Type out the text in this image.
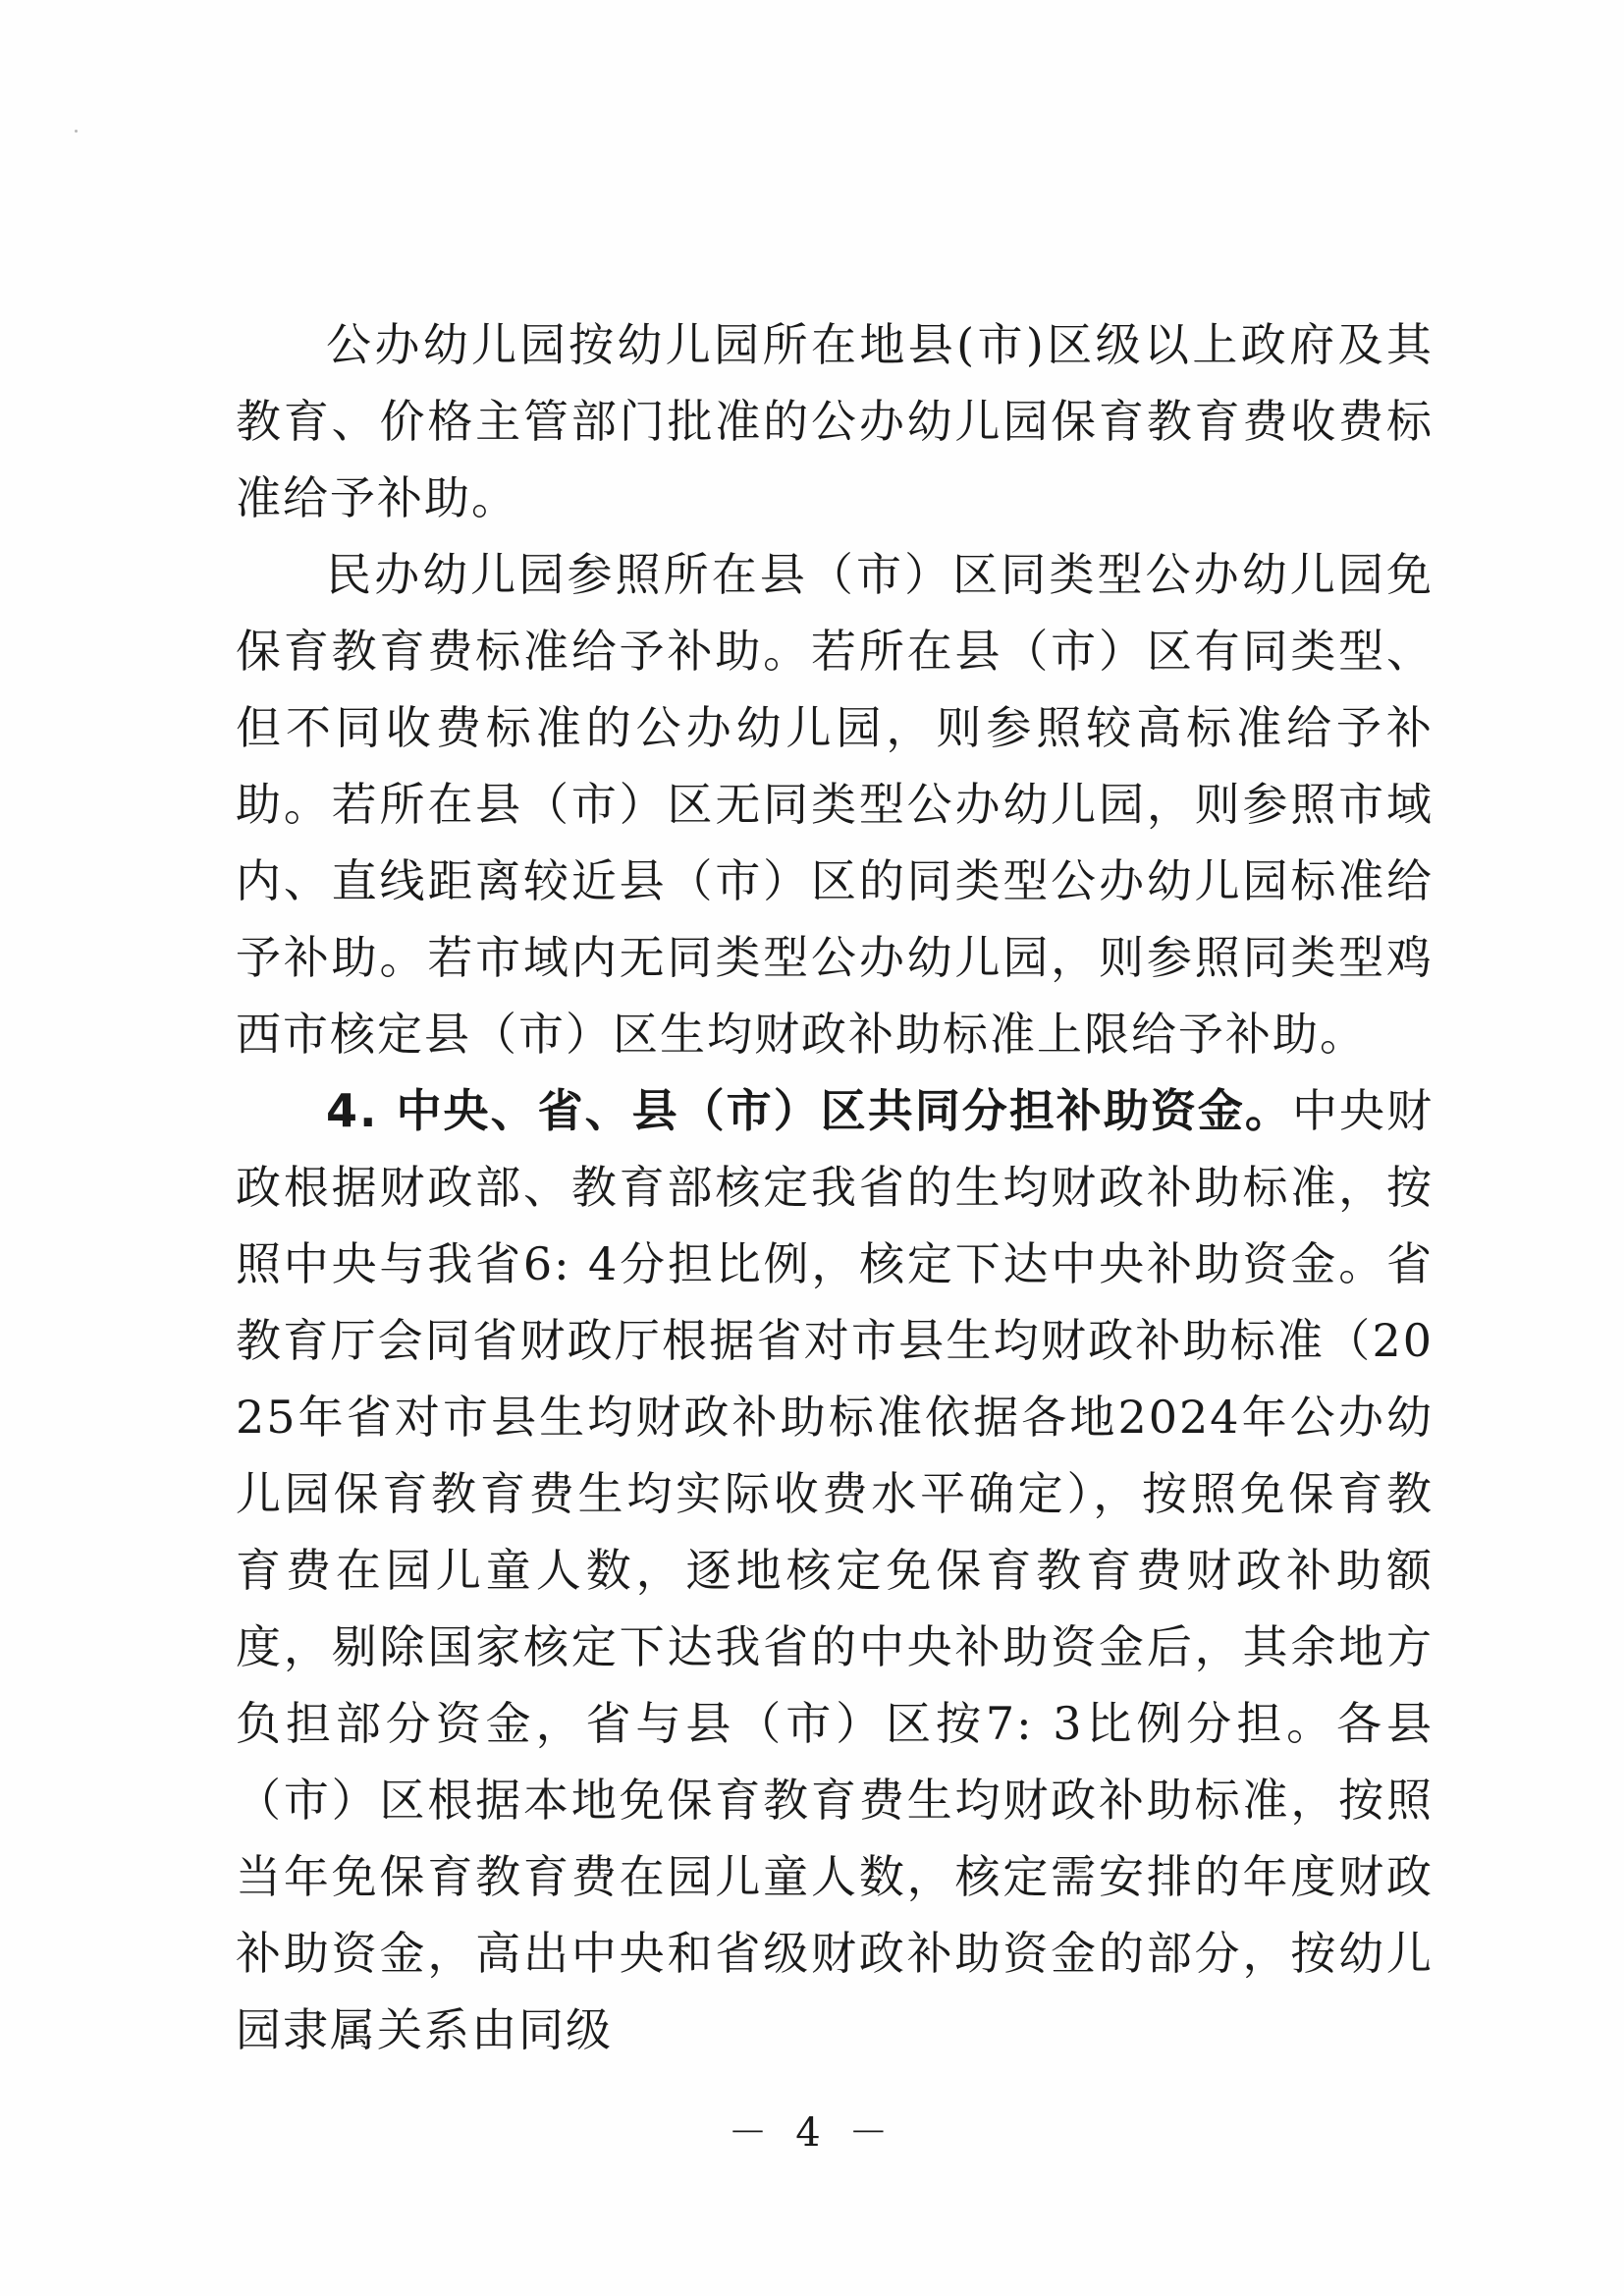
公办幼儿园按幼儿园所在地县(市)区级以上政府及其教育、价格主管部门批准的公办幼儿园保育教育费收费标准给予补助。

民办幼儿园参照所在县（市）区同类型公办幼儿园免保育教育费标准给予补助。若所在县（市）区有同类型、但不同收费标准的公办幼儿园，则参照较高标准给予补助。若所在县（市）区无同类型公办幼儿园，则参照市域内、直线距离较近县（市）区的同类型公办幼儿园标准给予补助。若市域内无同类型公办幼儿园，则参照同类型鸡西市核定县（市）区生均财政补助标准上限给予补助。

4. 中央、省、县（市）区共同分担补助资金。中央财政根据财政部、教育部核定我省的生均财政补助标准，按照中央与我省6: 4分担比例，核定下达中央补助资金。省教育厅会同省财政厅根据省对市县生均财政补助标准（2025年省对市县生均财政补助标准依据各地2024年公办幼儿园保育教育费生均实际收费水平确定），按照免保育教育费在园儿童人数，逐地核定免保育教育费财政补助额度，剔除国家核定下达我省的中央补助资金后，其余地方负担部分资金，省与县（市）区按7: 3比例分担。各县（市）区根据本地免保育教育费生均财政补助标准，按照当年免保育教育费在园儿童人数，核定需安排的年度财政补助资金，高出中央和省级财政补助资金的部分，按幼儿园隶属关系由同级

－ 4 －
